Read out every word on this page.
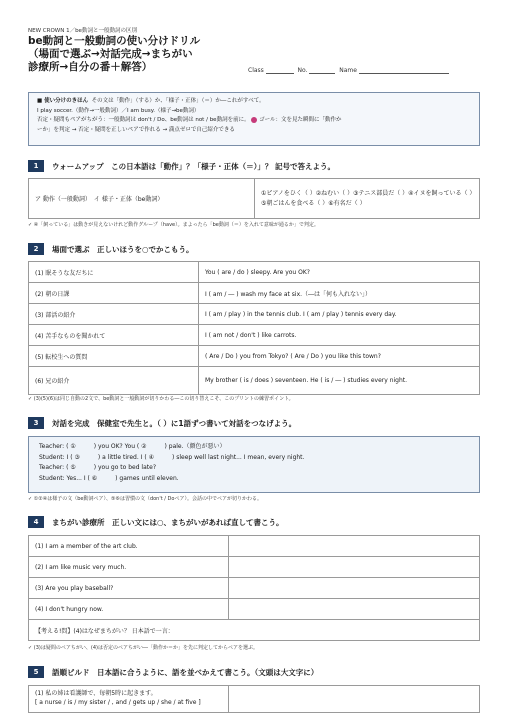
NEW CROWN 1／be動詞と一般動詞の区別
be動詞と一般動詞の使い分けドリル
（場面で選ぶ→対話完成→まちがい
診療所→自分の番＋解答）	Class	No.	Name
■ 使い分けのきほん その文は「動作」（する）か、「様子・正体」（＝）か―これがすべて。
I play soccer.（動作→一般動詞）／I am busy.（様子→be動詞）
否定・疑問もペアがちがう：一般動詞は don't / Do、be動詞は not / be動詞を前に。 ゴール：文を見た瞬間に「動作か
ーか」を判定 → 否定・疑問を正しいペアで作れる → 満点ゼロで自己紹介できる
1	ウォームアップ　この日本語は「動作」？「様子・正体（＝）」？ 記号で答えよう。
ア 動作（一般動詞）　イ 様子・正体（be動詞）	①ピアノをひく（ ）②ねむい（ ）③テニス部員だ（ ）④イヌを飼っている（ ）⑤朝ごはんを食べる（ ）⑥有名だ（ ）
✓ ④「飼っている」は動きが見えないけれど動作グループ（have）。まよったら「be動詞（＝）を入れて意味が通るか」で判定。
2	場面で選ぶ　正しいほうを○でかこもう。
(1) 眠そうな友だちに	You ( are / do ) sleepy. Are you OK?
(2) 朝の日課	I ( am / ― ) wash my face at six.（―は「何も入れない」）
(3) 部活の紹介	I ( am / play ) in the tennis club. I ( am / play ) tennis every day.
(4) 苦手なものを聞かれて	I ( am not / don't ) like carrots.
(5) 転校生への質問	( Are / Do ) you from Tokyo? ( Are / Do ) you like this town?
(6) 兄の紹介	My brother ( is / does ) seventeen. He ( is / ― ) studies every night.
✓ (3)(5)(6)は同じ自動の2文で、be動詞と一般動詞が切りかわる―この切り替えこそ、このプリントの練習ポイント。
3	対話を完成　保健室で先生と。（ ）に1語ずつ書いて対話をつなげよう。
Teacher: ( ①　　　) you OK? You ( ②　　　) pale.（顔色が悪い）
Student: I ( ③　　　) a little tired. I ( ④　　　) sleep well last night... I mean, every night.
Teacher: ( ⑤　　　) you go to bed late?
Student: Yes... I ( ⑥　　　) games until eleven.
✓ ①②④は様子の文（be動詞ペア）、⑤⑥は習慣の文（don't / Doペア）。会話の中でペアが切りかわる。
4	まちがい診療所　正しい文には○、まちがいがあれば直して書こう。
(1) I am a member of the art club.	
(2) I am like music very much.	
(3) Are you play baseball?	
(4) I don't hungry now.	
【考える!問】(4)はなぜまちがい？ 日本語で一言：	
✓ (3)は疑問のペアちがい、(4)は否定のペアちがい―「動作か＝か」を先に判定してからペアを選ぶ。
5	語順ビルド　日本語に合うように、語を並べかえて書こう。（文頭は大文字に）
(1) 私の姉は看護師で、毎朝5時に起きます。
[ a nurse / is / my sister / , and / gets up / she / at five ]
